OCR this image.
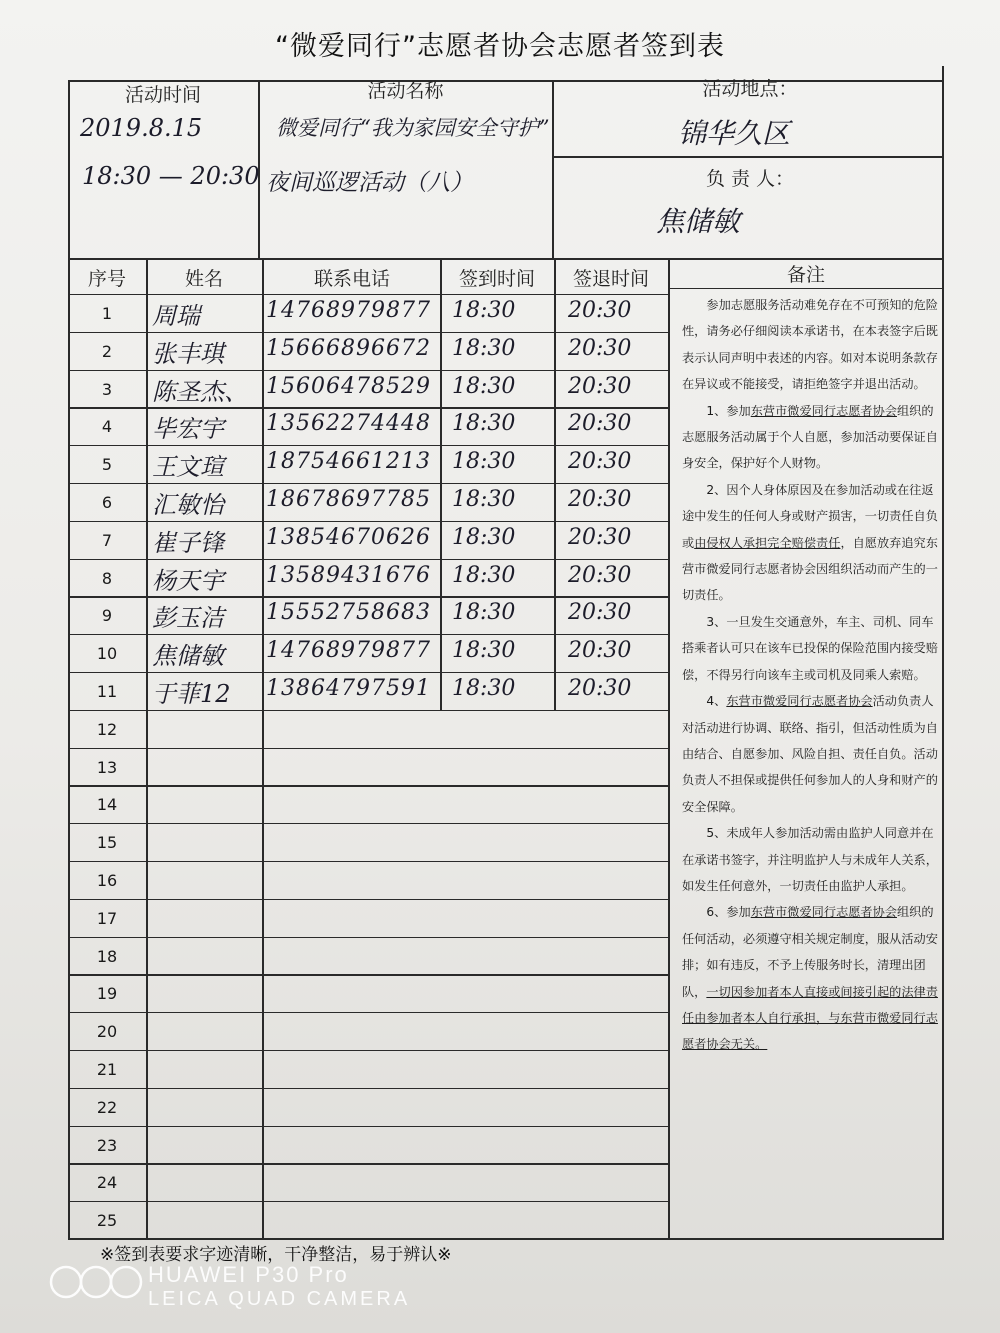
“微爱同行”志愿者协会志愿者签到表
活动时间
2019.8.15
18:30 — 20:30
活动名称
微爱同行“我为家园安全守护”
夜间巡逻活动（八）
活动地点：
锦华久区
负 责 人：
焦储敏
序号	姓名	联系电话	签到时间	签退时间	备注
1	周瑞	14768979877 18:30 20:30
2	张丰琪 15666896672 18:30 20:30
3	陈圣杰、 15606478529 18:30 20:30
4	毕宏宇 13562274448 18:30 20:30
5	王文瑄 18754661213 18:30 20:30
6	汇敏怡 18678697785 18:30 20:30
7	崔子锋 13854670626 18:30 20:30
8	杨天宇 13589431676 18:30 20:30
9	彭玉洁 15552758683 18:30 20:30
10	焦储敏 14768979877 18:30 20:30
11	于菲12 13864797591 18:30 20:30
12
13
14
15
16
17
18
19
20
21
22
23
24
25

参加志愿服务活动难免存在不可预知的危险性，请务必仔细阅读本承诺书，在本表签字后既表示认同声明中表述的内容。如对本说明条款存在异议或不能接受，请拒绝签字并退出活动。

1、参加东营市微爱同行志愿者协会组织的志愿服务活动属于个人自愿，参加活动要保证自身安全，保护好个人财物。

2、因个人身体原因及在参加活动或在往返途中发生的任何人身或财产损害，一切责任自负或由侵权人承担完全赔偿责任，自愿放弃追究东营市微爱同行志愿者协会因组织活动而产生的一切责任。

3、一旦发生交通意外，车主、司机、同车搭乘者认可只在该车已投保的保险范围内接受赔偿，不得另行向该车主或司机及同乘人索赔。

4、东营市微爱同行志愿者协会活动负责人对活动进行协调、联络、指引，但活动性质为自由结合、自愿参加、风险自担、责任自负。活动负责人不担保或提供任何参加人的人身和财产的安全保障。

5、未成年人参加活动需由监护人同意并在在承诺书签字，并注明监护人与未成年人关系，如发生任何意外，一切责任由监护人承担。

6、参加东营市微爱同行志愿者协会组织的任何活动，必须遵守相关规定制度，服从活动安排；如有违反，不予上传服务时长，清理出团队，一切因参加者本人直接或间接引起的法律责任由参加者本人自行承担，与东营市微爱同行志愿者协会无关。

※签到表要求字迹清晰，干净整洁，易于辨认※
HUAWEI P30 Pro
LEICA QUAD CAMERA
